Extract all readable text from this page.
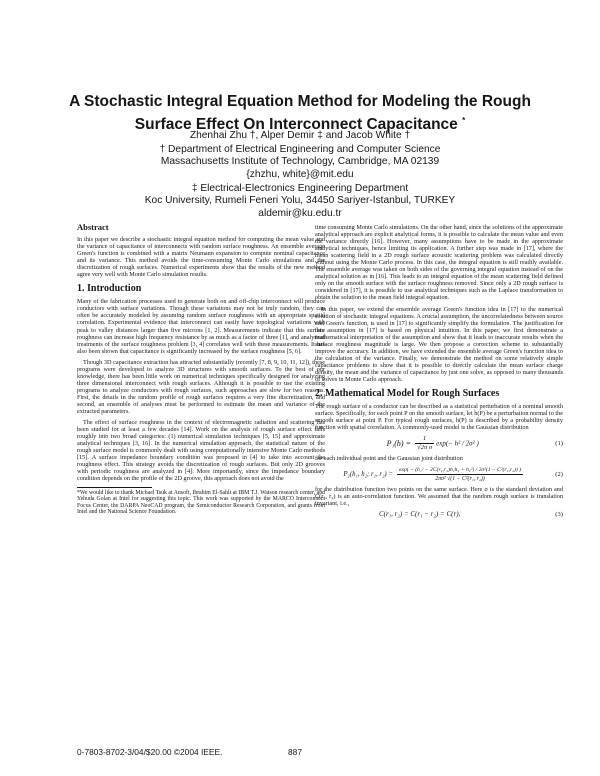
A Stochastic Integral Equation Method for Modeling the Rough
Surface Effect On Interconnect Capacitance *
Zhenhai Zhu †, Alper Demir ‡ and Jacob White †
† Department of Electrical Engineering and Computer Science
Massachusetts Institute of Technology, Cambridge, MA 02139
{zhzhu, white}@mit.edu
‡ Electrical-Electronics Engineering Department
Koc University, Rumeli Feneri Yolu, 34450 Sariyer-Istanbul, TURKEY
aldemir@ku.edu.tr
Abstract

In this paper we describe a stochastic integral equation method for computing the mean value and the variance of capacitance of interconnects with random surface roughness. An ensemble average Green's function is combined with a matrix Neumann expansion to compute nominal capacitance and its variance. This method avoids the time-consuming Monte Carlo simulations and the discretization of rough surfaces. Numerical experiments show that the results of the new method agree very well with Monte Carlo simulation results.

1. Introduction

Many of the fabrication processes used to generate both on and off-chip interconnect will produce conductors with surface variations. Though these variations may not be truly random, they can often be accurately modeled by assuming random surface roughness with an appropriate spatial correlation. Experimental evidence that interconnect can easily have topological variations with peak to valley distances larger than five microns [1, 2]. Measurements indicate that this surface roughness can increase high frequency resistance by as much as a factor of three [1], and analytical treatments of the surface roughness problem [3, 4] correlates well with these measurements. It has also been shown that capacitance is significantly increased by the surface roughness [5, 6].

Though 3D capacitance extraction has attracted substantially (recently [7, 8, 9, 10, 11, 12]), these programs were developed to analyze 3D structures with smooth surfaces. To the best of our knowledge, there has been little work on numerical techniques specifically designed for analyzing three dimensional interconnect with rough surfaces. Although it is possible to use the existing programs to analyze conductors with rough surfaces, such approaches are slow for two reasons. First, the details in the random profile of rough surfaces requires a very fine discretization, and second, an ensemble of analyses must be performed to estimate the mean and variance of the extracted parameters.

The effect of surface roughness in the context of electromagnetic radiation and scattering has been studied for at least a few decades [14]. Work on the analysis of rough surface effect falls roughly into two broad categories: (1) numerical simulation techniques [5, 15] and approximate analytical techniques [3, 16]. In the numerical simulation approach, the statistical nature of the rough surface model is commonly dealt with using computationally intensive Monte Carlo methods [15]. A surface impedance boundary condition was proposed in [4] to take into account the roughness effect. This strategy avoids the discretization of rough surfaces. But only 2D grooves with periodic roughness are analyzed in [4]. More importantly, since the impedance boundary condition depends on the profile of the 2D groove, this approach does not avoid the

*We would like to thank Michael Tsuk at Ansoft, Ibrahim El-Sahli at IBM T.J. Watson research center, and Yehuda Golan at Intel for suggesting this topic. This work was supported by the MARCO Interconnect Focus Center, the DARPA NeoCAD program, the Semiconductor Research Corporation, and grants from Intel and the National Science Foundation.

time consuming Monte Carlo simulations. On the other hand, since the solutions of the approximate analytical approach are explicit analytical forms, it is possible to calculate the mean value and even the variance directly [16]. However, many assumptions have to be made in the approximate analytical techniques, hence limiting its application. A further step was made in [17], where the mean scattering field in a 2D rough surface acoustic scattering problem was calculated directly without using the Monte Carlo process. In this case, the integral equation is still readily available. The ensemble average was taken on both sides of the governing integral equation instead of on the analytical solution as in [16]. This leads to an integral equation of the mean scattering field defined only on the smooth surface with the surface roughness removed. Since only a 2D rough surface is considered in [17], it is possible to use analytical techniques such as the Laplace transformation to obtain the solution to the mean field integral equation.

In this paper, we extend the ensemble average Green's function idea in [17] to the numerical solution of stochastic integral equations. A crucial assumption, the uncorrelatedness between source and Green's function, is used in [17] to significantly simplify the formulation. The justification for this assumption in [17] is based on physical intuition. In this paper, we first demonstrate a mathematical interpretation of the assumption and show that it leads to inaccurate results when the surface roughness magnitude is large. We then propose a correction scheme to substantially improve the accuracy. In addition, we have extended the ensemble average Green's function idea to the calculation of the variance. Finally, we demonstrate the method on some relatively simple capacitance problems to show that it is possible to directly calculate the mean surface charge density, the mean and the variance of capacitance by just one solve, as opposed to many thousands of solves in Monte Carlo approach.

2. Mathematical Model for Rough Surfaces

The rough surface of a conductor can be described as a statistical perturbation of a nominal smooth surface. Specifically, for each point P on the smooth surface, let h(P) be a perturbation normal to the smooth surface at point P. For typical rough surfaces, h(P) is described by a probability density function with spatial correlation. A commonly-used model is the Gaussian distribution

$P_1(h) = \frac{1}{\text{√2π σ}} \exp(- h^2 / 2\sigma^2$ )	(1)

for each individual point and the Gaussian joint distribution

P₂(h₁, h₂; r₁, $r_2) = \frac{\text{exp( − (h₁² − 2C(r₁,r₂)h₁h₂ + h₂²) / 2σ²(1 − C²(r₁,r₂)) )}}{\text{2πσ² √(1 − C²(r₁, r₂))}}$	(2)

for the distribution function two points on the same surface. Here σ is the standard deviation and C(r₁, r₂) is an auto-correlation function. We assumed that the random rough surface is translation invariant, i.e.,

C(r₁, r₂) = C(r₁ − r₂) = C(r),	(3)
0-7803-8702-3/04/$20.00 ©2004 IEEE.	887
